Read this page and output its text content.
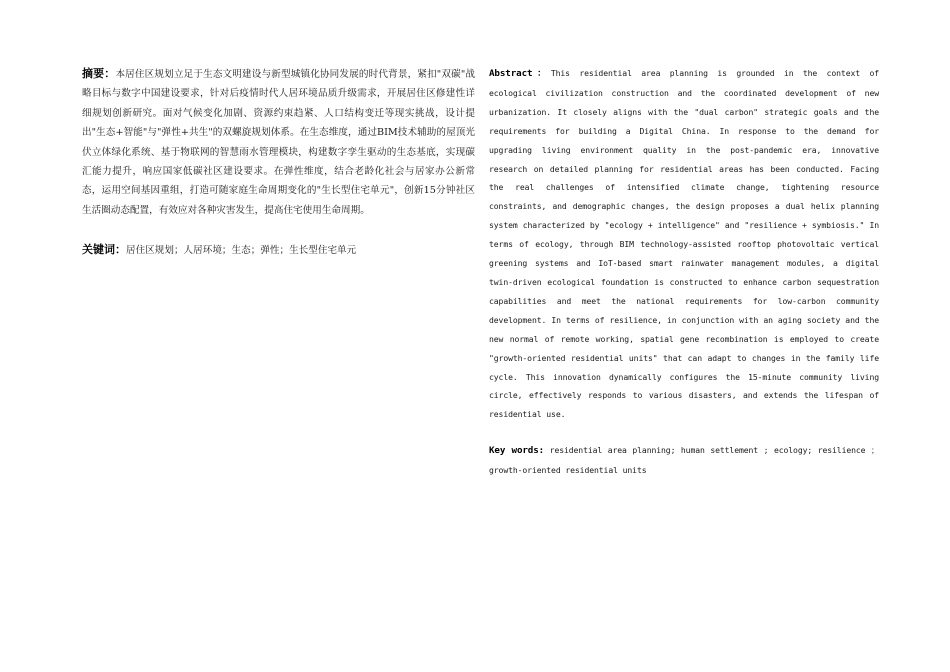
摘要：本居住区规划立足于生态文明建设与新型城镇化协同发展的时代背景，紧扣"双碳"战略目标与数字中国建设要求，针对后疫情时代人居环境品质升级需求，开展居住区修建性详细规划创新研究。面对气候变化加剧、资源约束趋紧、人口结构变迁等现实挑战，设计提出"生态+智能"与"弹性+共生"的双螺旋规划体系。在生态维度，通过BIM技术辅助的屋顶光伏立体绿化系统、基于物联网的智慧雨水管理模块，构建数字孪生驱动的生态基底，实现碳汇能力提升，响应国家低碳社区建设要求。在弹性维度，结合老龄化社会与居家办公新常态，运用空间基因重组，打造可随家庭生命周期变化的"生长型住宅单元"，创新15分钟社区生活圈动态配置，有效应对各种灾害发生，提高住宅使用生命周期。

关键词：居住区规划；人居环境；生态；弹性；生长型住宅单元

Abstract：This residential area planning is grounded in the context of ecological civilization construction and the coordinated development of new urbanization. It closely aligns with the "dual carbon" strategic goals and the requirements for building a Digital China. In response to the demand for upgrading living environment quality in the post-pandemic era, innovative research on detailed planning for residential areas has been conducted. Facing the real challenges of intensified climate change, tightening resource constraints, and demographic changes, the design proposes a dual helix planning system characterized by "ecology + intelligence" and "resilience + symbiosis." In terms of ecology, through BIM technology-assisted rooftop photovoltaic vertical greening systems and IoT-based smart rainwater management modules, a digital twin-driven ecological foundation is constructed to enhance carbon sequestration capabilities and meet the national requirements for low-carbon community development. In terms of resilience, in conjunction with an aging society and the new normal of remote working, spatial gene recombination is employed to create "growth-oriented residential units" that can adapt to changes in the family life cycle. This innovation dynamically configures the 15-minute community living circle, effectively responds to various disasters, and extends the lifespan of residential use.

Key words: residential area planning; human settlement ; ecology; resilience ；growth-oriented residential units
